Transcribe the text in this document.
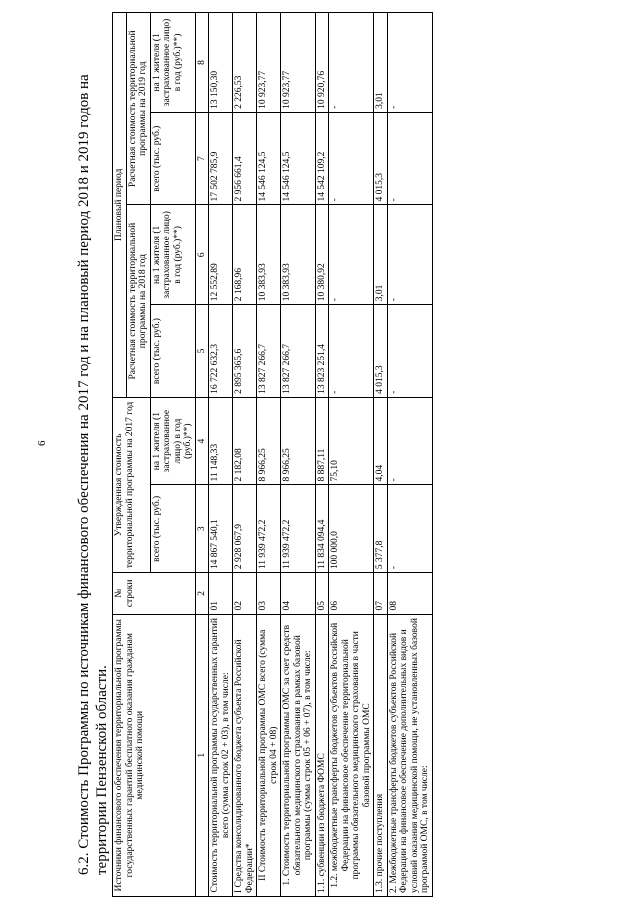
6 6.2. Стоимость Программы по источникам финансового обеспечения на 2017 год и на плановый период 2018 и 2019 годов на территории Пензенской области. Источники финансового обеспечения территориальной программы государственных гарантий бесплатного оказания гражданам медицинской помощи	№ строки	Утвержденная стоимость территориальной программы на 2017 год		Плановый период			
				Расчетная стоимость территориальной программы на 2018 год		Расчетная стоимость территориальной программы на 2019 год	
		всего (тыс. руб.)	на 1 жителя (1 застрахованное лицо) в год (руб.)**)	всего (тыс. руб.)	на 1 жителя (1 застрахованное лицо) в год (руб.)**)	всего (тыс. руб.)	на 1 жителя (1 застрахованное лицо) в год (руб.)**)
1	2	3	4	5	6	7	8
Стоимость территориальной программы государственных гарантий всего (сумма строк 02 + 03), в том числе:	01	14 867 540,1	11 148,33	16 722 632,3	12 552,89	17 502 785,9	13 150,30
I Средства консолидированного бюджета субъекта Российской Федерации*	02	2 928 067,9	2 182,08	2 895 365,6	2 168,96	2 956 661,4	2 226,53
II Стоимость территориальной программы ОМС всего (сумма строк 04 + 08)	03	11 939 472,2	8 966,25	13 827 266,7	10 383,93	14 546 124,5	10 923,77
1. Стоимость территориальной программы ОМС за счет средств обязательного медицинского страхования в рамках базовой программы (сумма строк 05 + 06 + 07), в том числе:	04	11 939 472,2	8 966,25	13 827 266,7	10 383,93	14 546 124,5	10 923,77
1.1. субвенции из бюджета ФОМС	05	11 834 094,4	8 887,11	13 823 251,4	10 380,92	14 542 109,2	10 920,76
1.2. межбюджетные трансферты бюджетов субъектов Российской Федерации на финансовое обеспечение территориальной программы обязательного медицинского страхования в части базовой программы ОМС	06	100 000,0	75,10	-	-	-	-
1.3. прочие поступления	07	5 377,8	4,04	4 015,3	3,01	4 015,3	3,01
2. Межбюджетные трансферты бюджетов субъектов Российской Федерации на финансовое обеспечение дополнительных видов и условий оказания медицинской помощи, не установленных базовой программой ОМС, в том числе:	08	-	-	-	-	-	-
